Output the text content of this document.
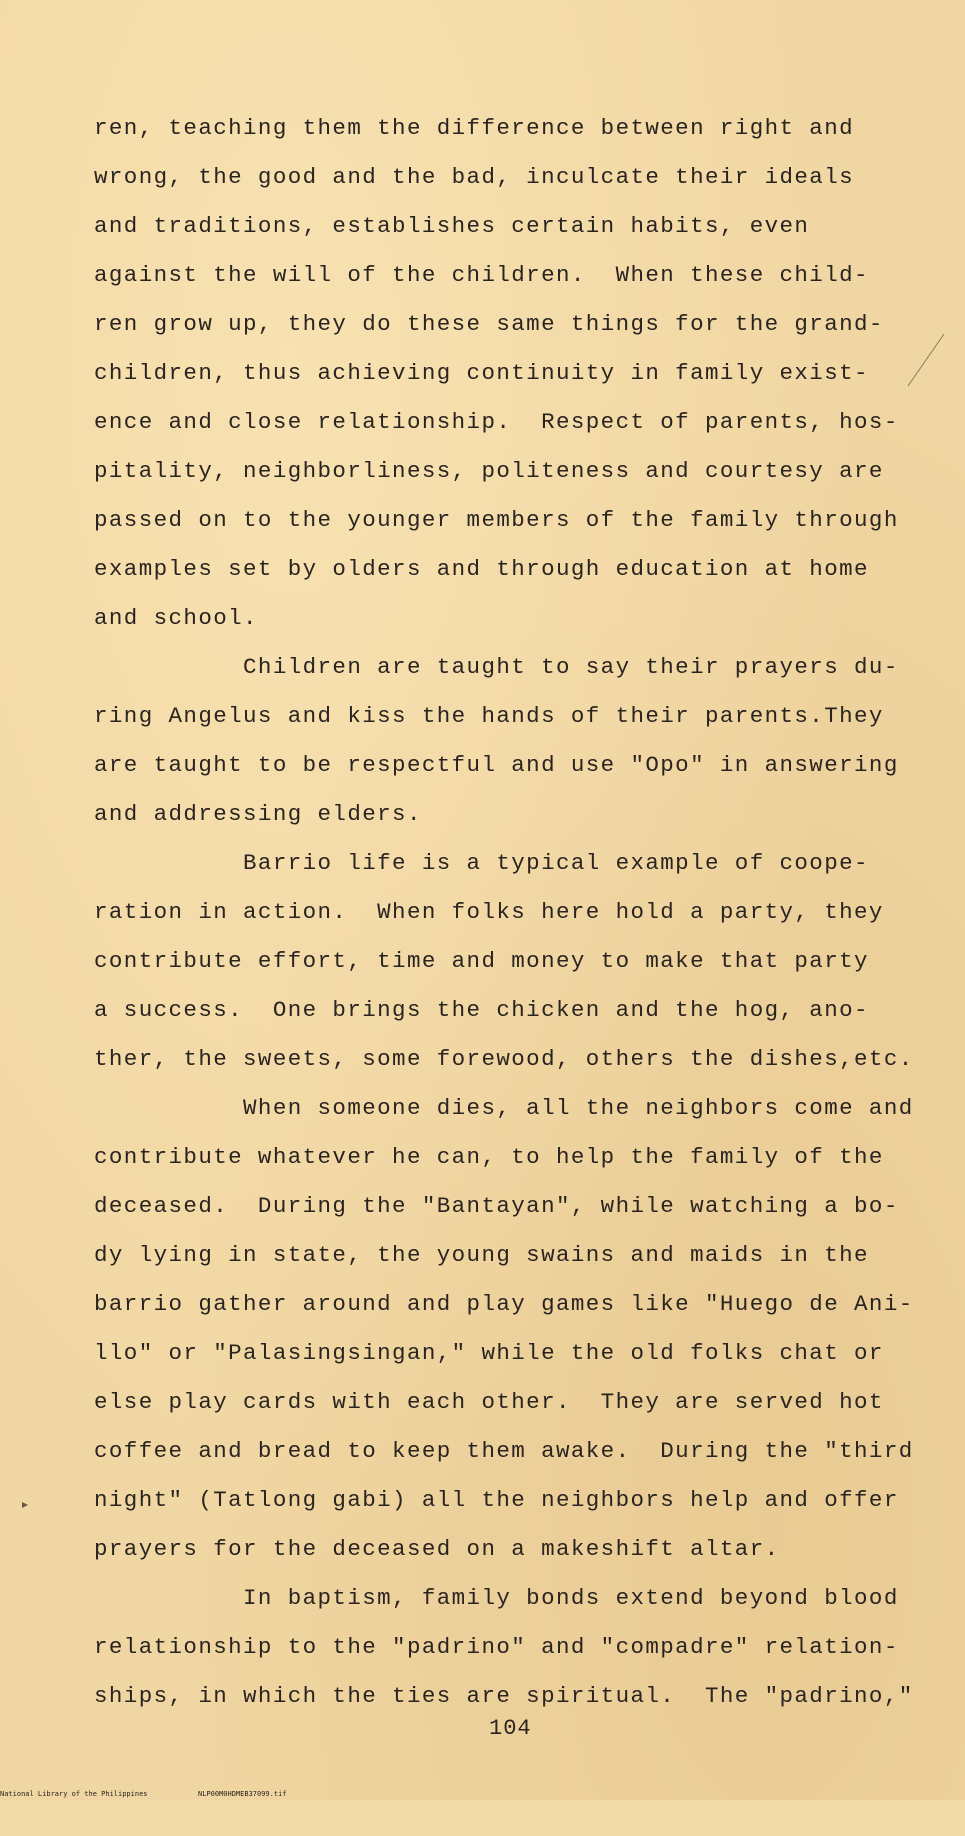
ren, teaching them the difference between right and
wrong, the good and the bad, inculcate their ideals
and traditions, establishes certain habits, even
against the will of the children.  When these child-
ren grow up, they do these same things for the grand-
children, thus achieving continuity in family exist-
ence and close relationship.  Respect of parents, hos-
pitality, neighborliness, politeness and courtesy are
passed on to the younger members of the family through
examples set by olders and through education at home
and school.
Children are taught to say their prayers du-
ring Angelus and kiss the hands of their parents.They
are taught to be respectful and use "Opo" in answering
and addressing elders.
Barrio life is a typical example of coope-
ration in action.  When folks here hold a party, they
contribute effort, time and money to make that party
a success.  One brings the chicken and the hog, ano-
ther, the sweets, some forewood, others the dishes,etc.
When someone dies, all the neighbors come and
contribute whatever he can, to help the family of the
deceased.  During the "Bantayan", while watching a bo-
dy lying in state, the young swains and maids in the
barrio gather around and play games like "Huego de Ani-
llo" or "Palasingsingan," while the old folks chat or
else play cards with each other.  They are served hot
coffee and bread to keep them awake.  During the "third
night" (Tatlong gabi) all the neighbors help and offer
prayers for the deceased on a makeshift altar.
In baptism, family bonds extend beyond blood
relationship to the "padrino" and "compadre" relation-
ships, in which the ties are spiritual.  The "padrino,"
104

National Library of the Philippines

	NLP00M0HDMEB37099.tif
